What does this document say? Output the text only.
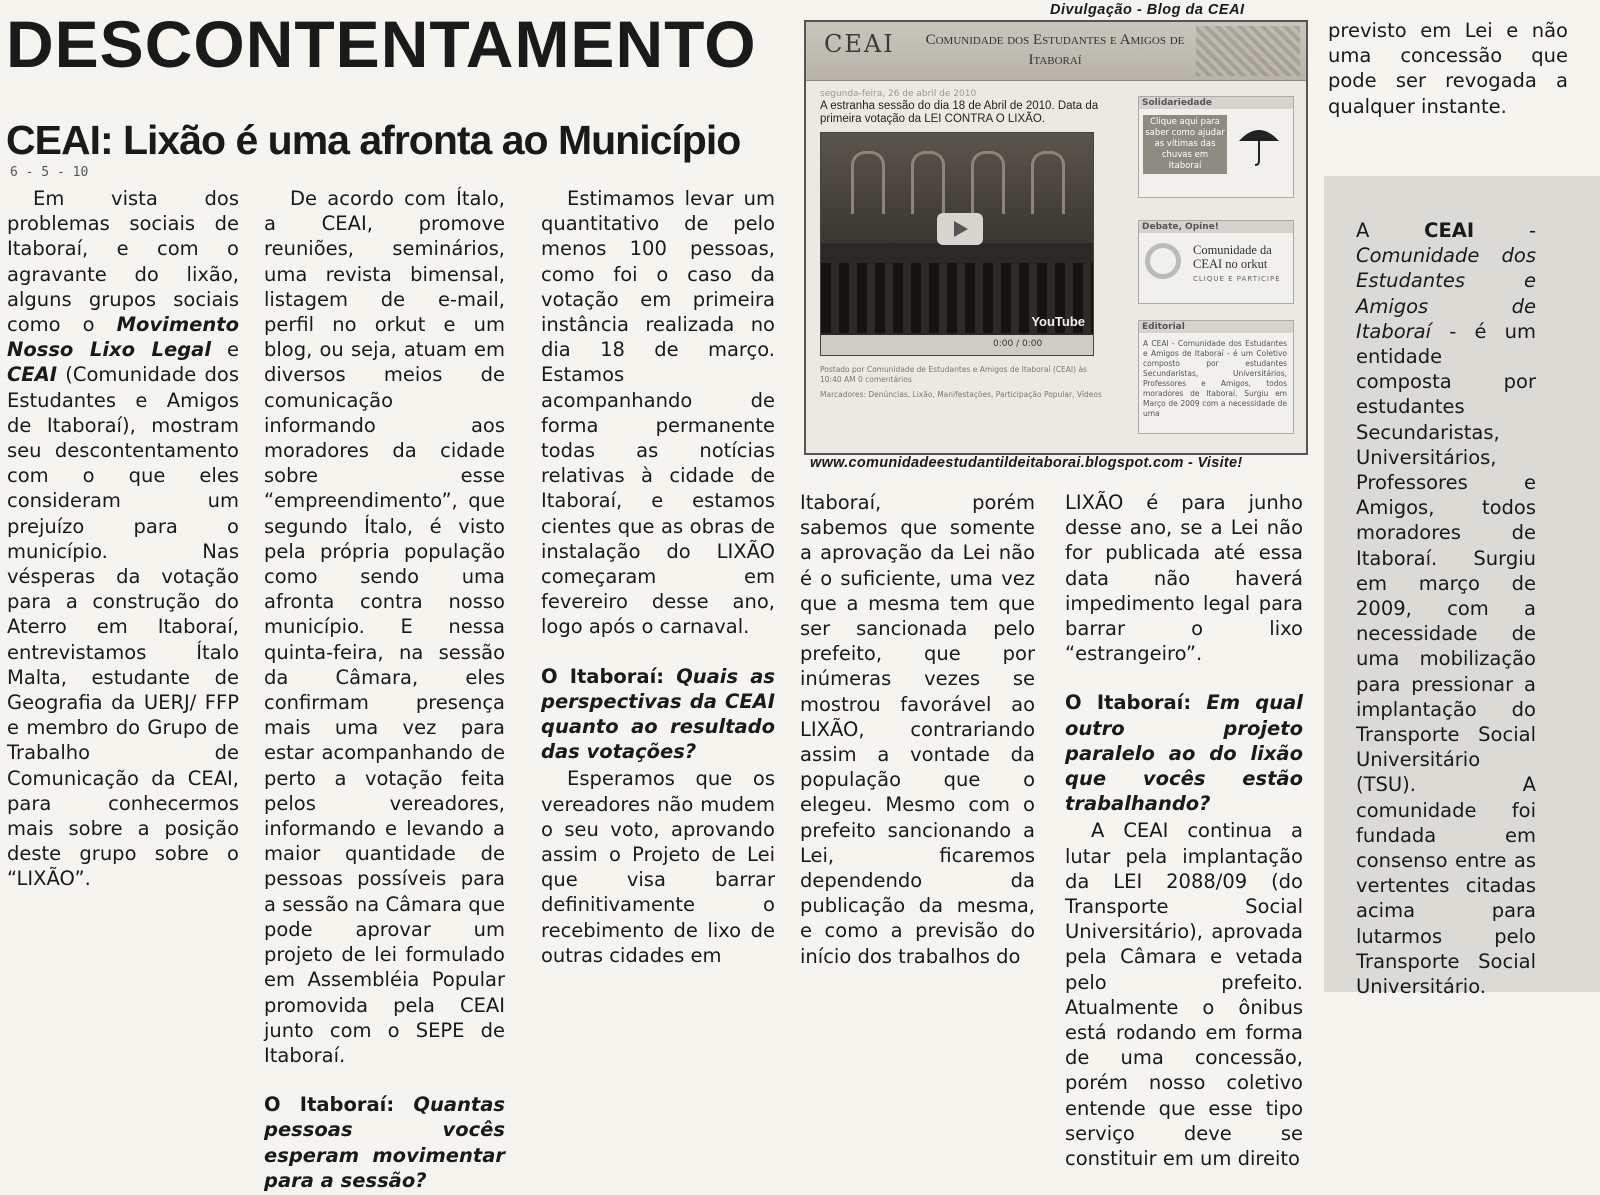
DESCONTENTAMENTO
CEAI: Lixão é uma afronta ao Município
6 - 5 - 10

Em vista dos problemas sociais de Itaboraí, e com o agravante do lixão, alguns grupos sociais como o Movimento Nosso Lixo Legal e CEAI (Comunidade dos Estudantes e Amigos de Itaboraí), mostram seu descontentamento com o que eles consideram um prejuízo para o município. Nas vésperas da votação para a construção do Aterro em Itaboraí, entrevistamos Ítalo Malta, estudante de Geografia da UERJ/ FFP e membro do Grupo de Trabalho de Comunicação da CEAI, para conhecermos mais sobre a posição deste grupo sobre o “LIXÃO”.

De acordo com Ítalo, a CEAI, promove reuniões, seminários, uma revista bimensal, listagem de e-mail, perfil no orkut e um blog, ou seja, atuam em diversos meios de comunicação informando aos moradores da cidade sobre esse “empreendimento”, que segundo Ítalo, é visto pela própria população como sendo uma afronta contra nosso município. E nessa quinta-feira, na sessão da Câmara, eles confirmam presença mais uma vez para estar acompanhando de perto a votação feita pelos vereadores, informando e levando a maior quantidade de pessoas possíveis para a sessão na Câmara que pode aprovar um projeto de lei formulado em Assembléia Popular promovida pela CEAI junto com o SEPE de Itaboraí.

O Itaboraí: Quantas pessoas vocês esperam movimentar para a sessão?

Estimamos levar um quantitativo de pelo menos 100 pessoas, como foi o caso da votação em primeira instância realizada no dia 18 de março. Estamos acompanhando de forma permanente todas as notícias relativas à cidade de Itaboraí, e estamos cientes que as obras de instalação do LIXÃO começaram em fevereiro desse ano, logo após o carnaval.

O Itaboraí: Quais as perspectivas da CEAI quanto ao resultado das votações?

Esperamos que os vereadores não mudem o seu voto, aprovando assim o Projeto de Lei que visa barrar definitivamente o recebimento de lixo de outras cidades em

Itaboraí, porém sabemos que somente a aprovação da Lei não é o suficiente, uma vez que a mesma tem que ser sancionada pelo prefeito, que por inúmeras vezes se mostrou favorável ao LIXÃO, contrariando assim a vontade da população que o elegeu. Mesmo com o prefeito sancionando a Lei, ficaremos dependendo da publicação da mesma, e como a previsão do início dos trabalhos do

LIXÃO é para junho desse ano, se a Lei não for publicada até essa data não haverá impedimento legal para barrar o lixo “estrangeiro”.

O Itaboraí: Em qual outro projeto paralelo ao do lixão que vocês estão trabalhando?

A CEAI continua a lutar pela implantação da LEI 2088/09 (do Transporte Social Universitário), aprovada pela Câmara e vetada pelo prefeito. Atualmente o ônibus está rodando em forma de uma concessão, porém nosso coletivo entende que esse tipo serviço deve se constituir em um direito

previsto em Lei e não uma concessão que pode ser revogada a qualquer instante.

Divulgação - Blog da CEAI
CEAI Comunidade dos Estudantes e Amigos de Itaboraí
segunda-feira, 26 de abril de 2010
A estranha sessão do dia 18 de Abril de 2010. Data da primeira votação da LEI CONTRA O LIXÃO.
YouTube
0:00 / 0:00
Postado por Comunidade de Estudantes e Amigos de Itaboraí (CEAI) às 10:40 AM 0 comentários
Marcadores: Denúncias, Lixão, Manifestações, Participação Popular, Vídeos
Solidariedade
Clique aqui para saber como ajudar as vítimas das chuvas em Itaboraí
Debate, Opine!
Comunidade da CEAI no orkut
CLIQUE E PARTICIPE
Editorial
A CEAI - Comunidade dos Estudantes e Amigos de Itaboraí - é um Coletivo composto por estudantes Secundaristas, Universitários, Professores e Amigos, todos moradores de Itaboraí. Surgiu em Março de 2009 com a necessidade de uma
www.comunidadeestudantildeitaborai.blogspot.com - Visite!

A CEAI - Comunidade dos Estudantes e Amigos de Itaboraí - é um entidade composta por estudantes Secundaristas, Universitários, Professores e Amigos, todos moradores de Itaboraí. Surgiu em março de 2009, com a necessidade de uma mobilização para pressionar a implantação do Transporte Social Universitário (TSU). A comunidade foi fundada em consenso entre as vertentes citadas acima para lutarmos pelo Transporte Social Universitário.
